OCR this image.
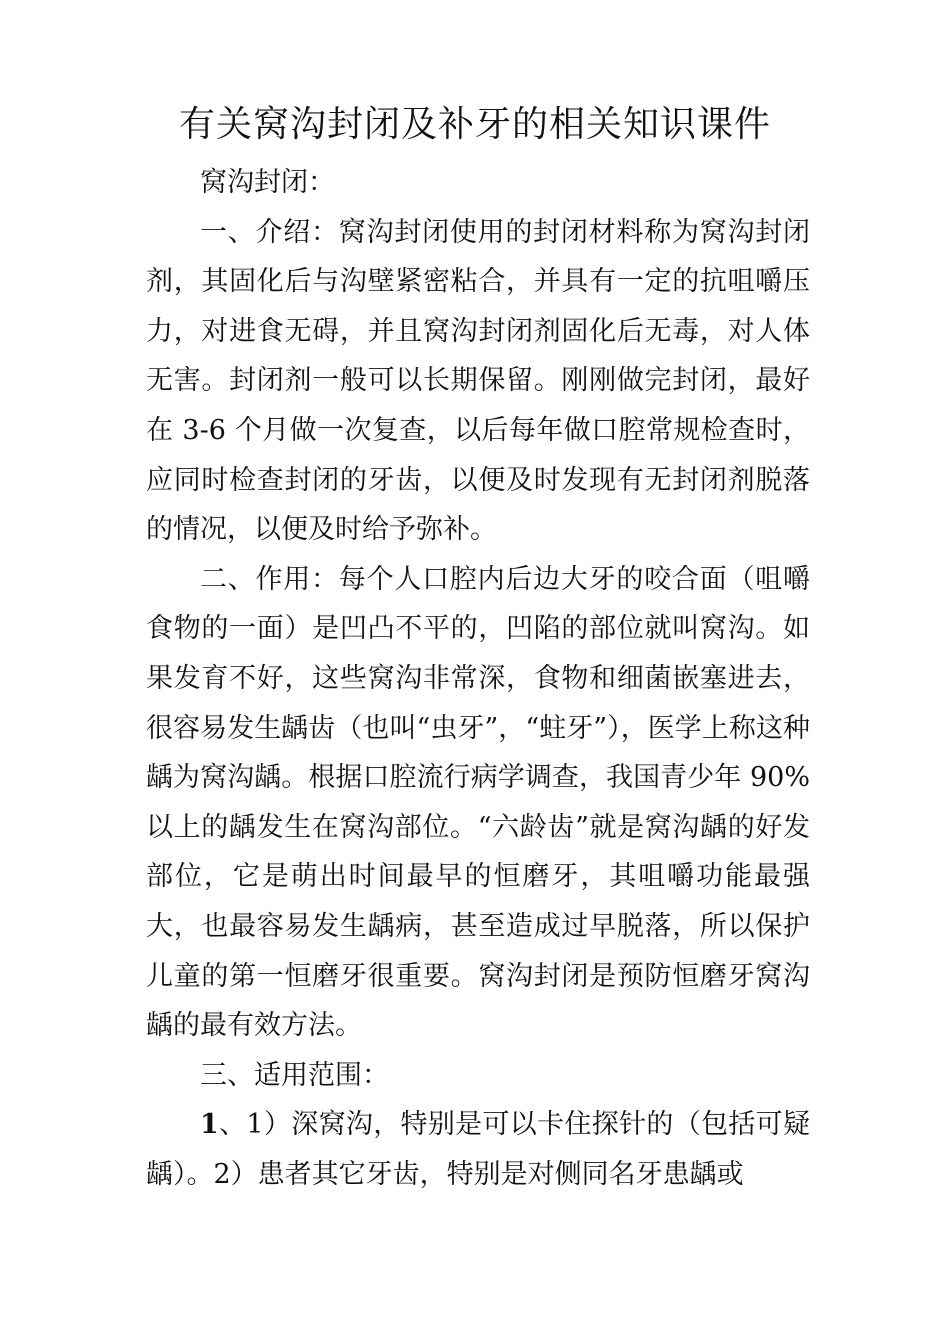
有关窝沟封闭及补牙的相关知识课件

窝沟封闭：

一、介绍：窝沟封闭使用的封闭材料称为窝沟封闭剂，其固化后与沟壁紧密粘合，并具有一定的抗咀嚼压力，对进食无碍，并且窝沟封闭剂固化后无毒，对人体无害。封闭剂一般可以长期保留。刚刚做完封闭，最好在 3-6 个月做一次复查，以后每年做口腔常规检查时，应同时检查封闭的牙齿，以便及时发现有无封闭剂脱落的情况，以便及时给予弥补。

二、作用：每个人口腔内后边大牙的咬合面（咀嚼食物的一面）是凹凸不平的，凹陷的部位就叫窝沟。如果发育不好，这些窝沟非常深，食物和细菌嵌塞进去，很容易发生龋齿（也叫“虫牙”，“蛀牙”），医学上称这种龋为窝沟龋。根据口腔流行病学调查，我国青少年 90%以上的龋发生在窝沟部位。“六龄齿”就是窝沟龋的好发部位，它是萌出时间最早的恒磨牙，其咀嚼功能最强大，也最容易发生龋病，甚至造成过早脱落，所以保护儿童的第一恒磨牙很重要。窝沟封闭是预防恒磨牙窝沟龋的最有效方法。

三、适用范围：

1、1）深窝沟，特别是可以卡住探针的（包括可疑龋）。2）患者其它牙齿，特别是对侧同名牙患龋或
